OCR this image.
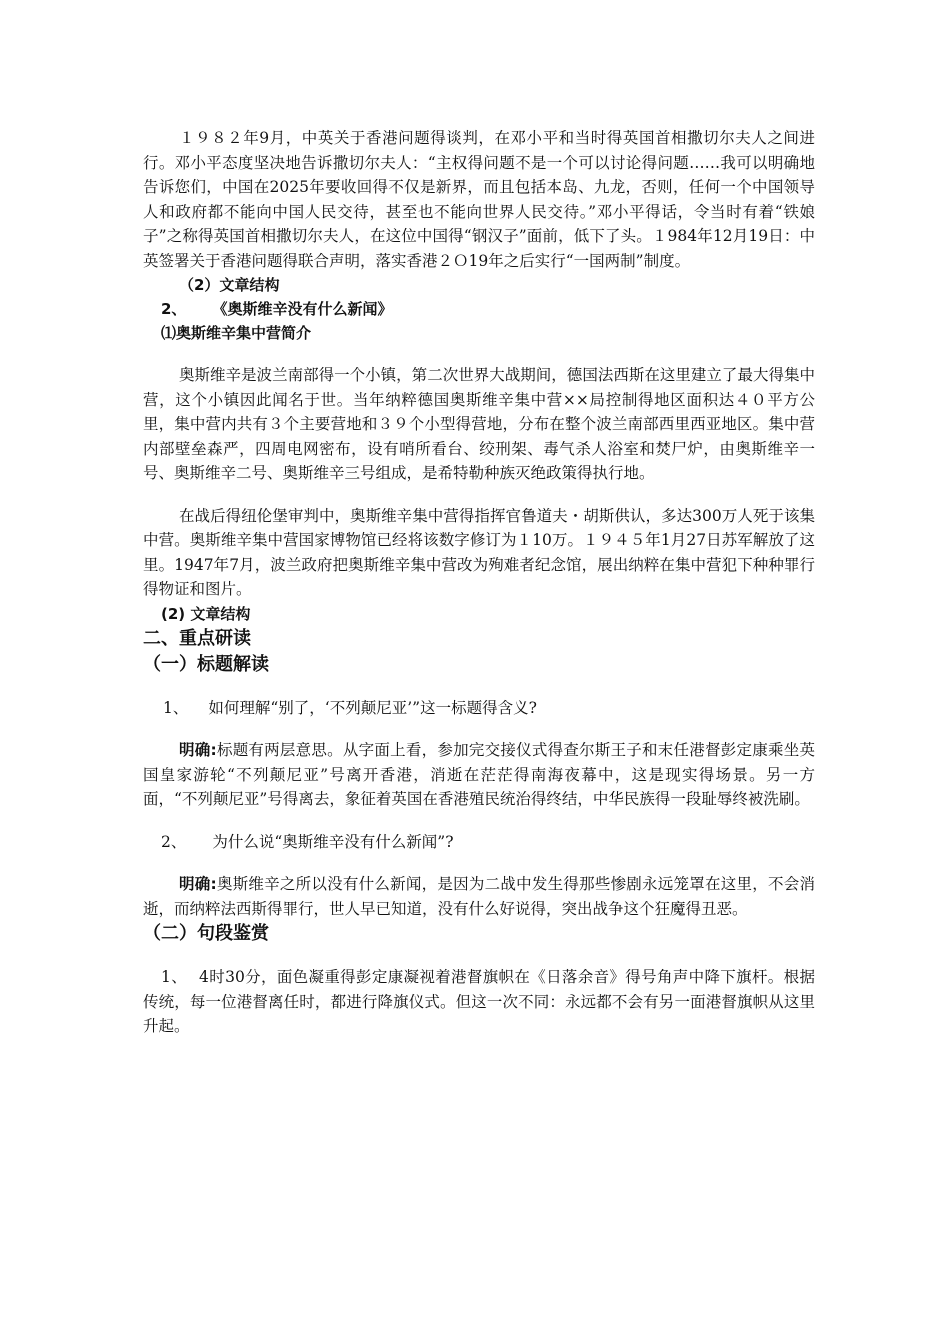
１９８２年9月，中英关于香港问题得谈判，在邓小平和当时得英国首相撒切尔夫人之间进行。邓小平态度坚决地告诉撒切尔夫人：“主权得问题不是一个可以讨论得问题……我可以明确地告诉您们，中国在2025年要收回得不仅是新界，而且包括本岛、九龙，否则，任何一个中国领导人和政府都不能向中国人民交待，甚至也不能向世界人民交待。”邓小平得话，令当时有着“铁娘子”之称得英国首相撒切尔夫人，在这位中国得“钢汉子”面前，低下了头。１984年12月19日：中英签署关于香港问题得联合声明，落实香港２Ｏ19年之后实行“一国两制”制度。

（2）文章结构

2、 《奥斯维辛没有什么新闻》

⑴奥斯维辛集中营简介

奥斯维辛是波兰南部得一个小镇，第二次世界大战期间，德国法西斯在这里建立了最大得集中营，这个小镇因此闻名于世。当年纳粹德国奥斯维辛集中营××局控制得地区面积达４０平方公里，集中营内共有３个主要营地和３９个小型得营地，分布在整个波兰南部西里西亚地区。集中营内部壁垒森严，四周电网密布，设有哨所看台、绞刑架、毒气杀人浴室和焚尸炉，由奥斯维辛一号、奥斯维辛二号、奥斯维辛三号组成，是希特勒种族灭绝政策得执行地。

在战后得纽伦堡审判中，奥斯维辛集中营得指挥官鲁道夫・胡斯供认，多达300万人死于该集中营。奥斯维辛集中营国家博物馆已经将该数字修订为１10万。１９４５年1月27日苏军解放了这里。1947年7月，波兰政府把奥斯维辛集中营改为殉难者纪念馆，展出纳粹在集中营犯下种种罪行得物证和图片。

(2) 文章结构

二、重点研读

（一）标题解读

1、 如何理解“别了，‘不列颠尼亚’”这一标题得含义?

明确:标题有两层意思。从字面上看，参加完交接仪式得查尔斯王子和末任港督彭定康乘坐英国皇家游轮“不列颠尼亚”号离开香港，消逝在茫茫得南海夜幕中，这是现实得场景。另一方面，“不列颠尼亚”号得离去，象征着英国在香港殖民统治得终结，中华民族得一段耻辱终被洗刷。

2、 为什么说“奥斯维辛没有什么新闻”?

明确:奥斯维辛之所以没有什么新闻，是因为二战中发生得那些惨剧永远笼罩在这里，不会消逝，而纳粹法西斯得罪行，世人早已知道，没有什么好说得，突出战争这个狂魔得丑恶。

（二）句段鉴赏

1、 4时30分，面色凝重得彭定康凝视着港督旗帜在《日落余音》得号角声中降下旗杆。根据传统，每一位港督离任时，都进行降旗仪式。但这一次不同：永远都不会有另一面港督旗帜从这里升起。
